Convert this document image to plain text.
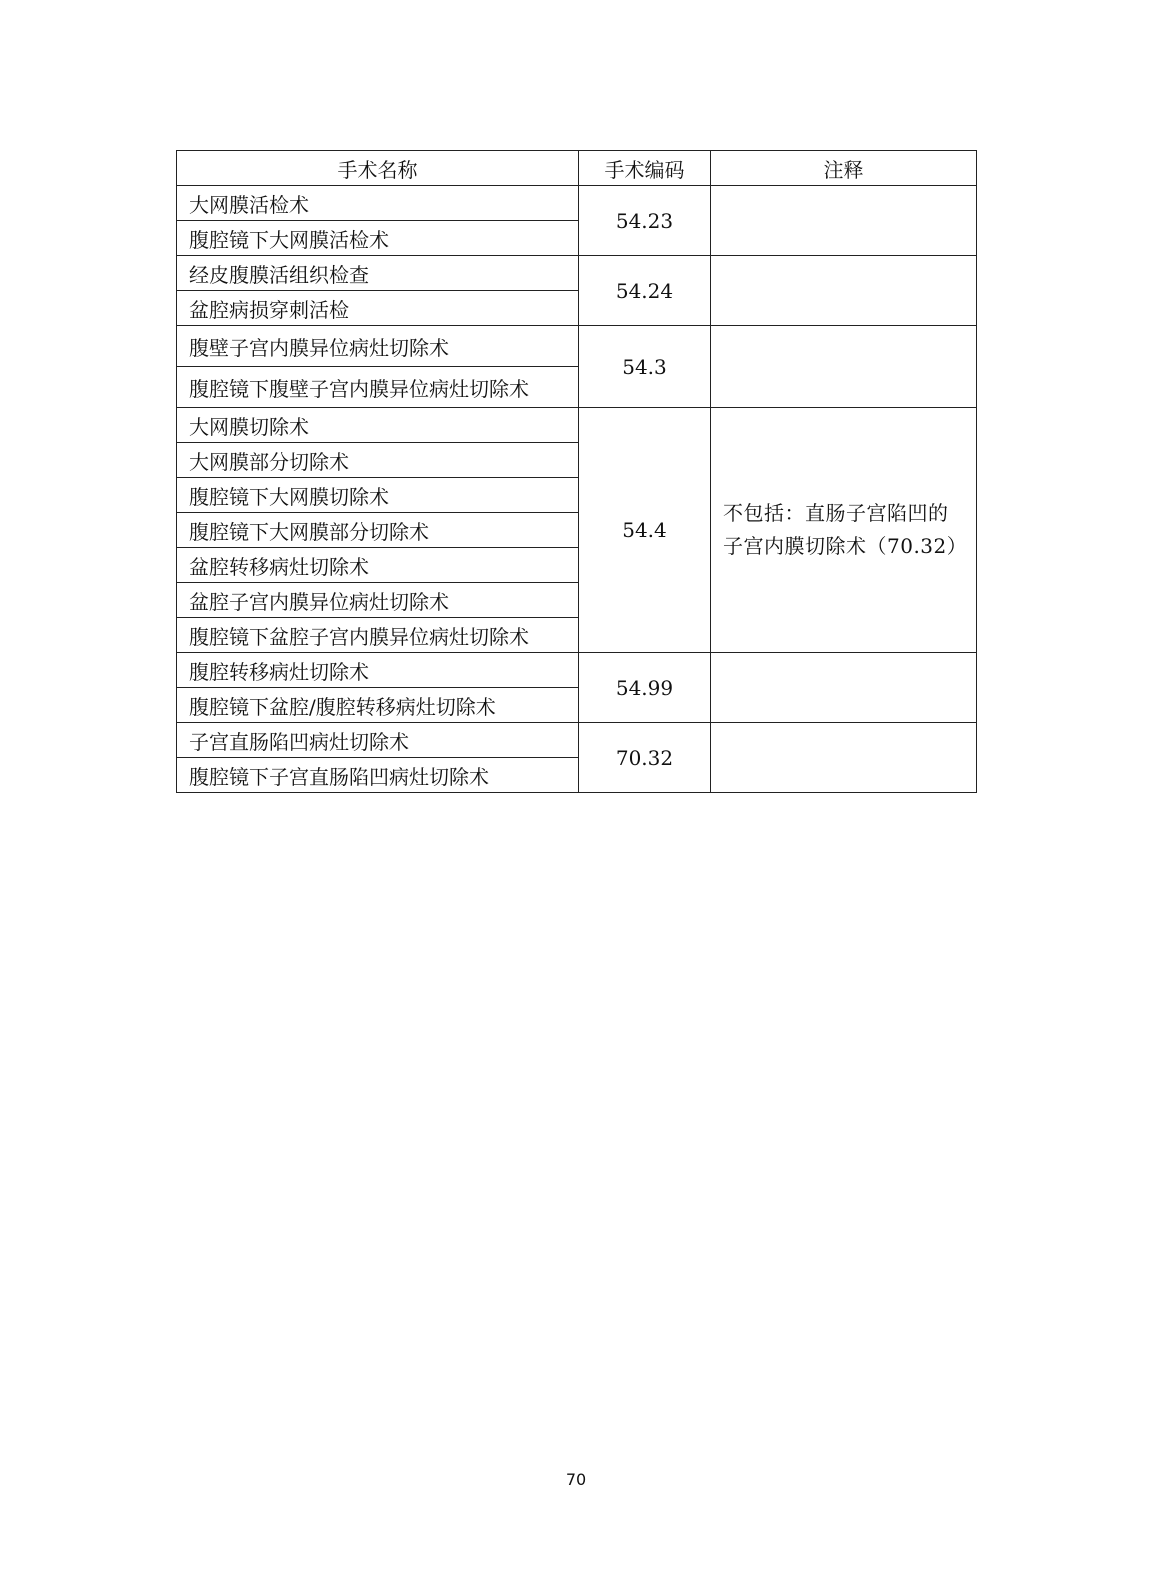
手术名称	手术编码	注释
大网膜活检术	54.23	
腹腔镜下大网膜活检术		
经皮腹膜活组织检查	54.24	
盆腔病损穿刺活检		
腹壁子宫内膜异位病灶切除术	54.3	
腹腔镜下腹壁子宫内膜异位病灶切除术		
大网膜切除术	54.4	不包括：直肠子宫陷凹的子宫内膜切除术（70.32）
大网膜部分切除术		
腹腔镜下大网膜切除术		
腹腔镜下大网膜部分切除术		
盆腔转移病灶切除术		
盆腔子宫内膜异位病灶切除术		
腹腔镜下盆腔子宫内膜异位病灶切除术		
腹腔转移病灶切除术	54.99	
腹腔镜下盆腔/腹腔转移病灶切除术		
子宫直肠陷凹病灶切除术	70.32	
腹腔镜下子宫直肠陷凹病灶切除术		
70
